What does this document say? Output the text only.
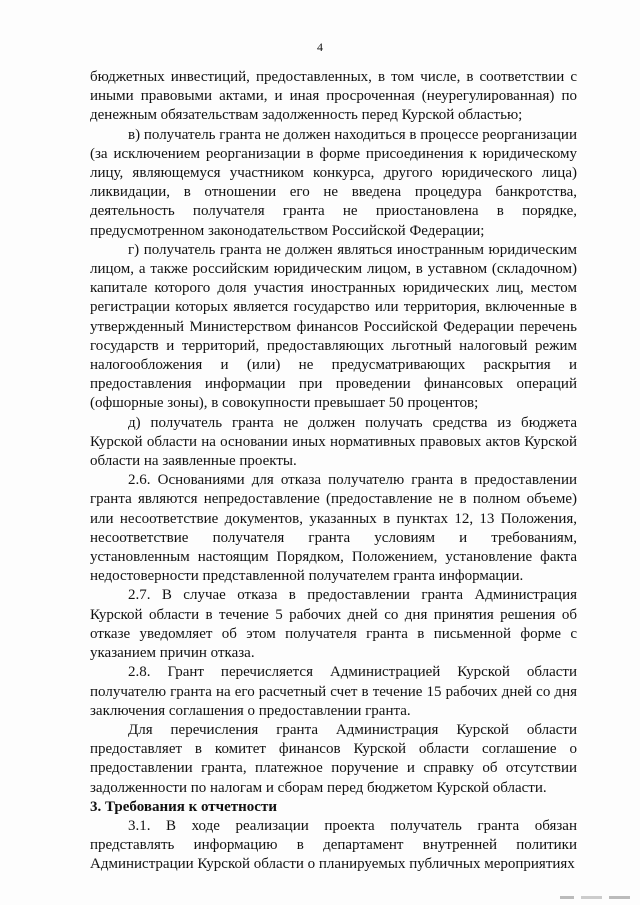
4

бюджетных инвестиций, предоставленных, в том числе, в соответствии с иными правовыми актами, и иная просроченная (неурегулированная) по денежным обязательствам задолженность перед Курской областью;

в) получатель гранта не должен находиться в процессе реорганизации (за исключением реорганизации в форме присоединения к юридическому лицу, являющемуся участником конкурса, другого юридического лица) ликвидации, в отношении его не введена процедура банкротства, деятельность получателя гранта не приостановлена в порядке, предусмотренном законодательством Российской Федерации;

г) получатель гранта не должен являться иностранным юридическим лицом, а также российским юридическим лицом, в уставном (складочном) капитале которого доля участия иностранных юридических лиц, местом регистрации которых является государство или территория, включенные в утвержденный Министерством финансов Российской Федерации перечень государств и территорий, предоставляющих льготный налоговый режим налогообложения и (или) не предусматривающих раскрытия и предоставления информации при проведении финансовых операций (офшорные зоны), в совокупности превышает 50 процентов;

д) получатель гранта не должен получать средства из бюджета Курской области на основании иных нормативных правовых актов Курской области на заявленные проекты.

2.6. Основаниями для отказа получателю гранта в предоставлении гранта являются непредоставление (предоставление не в полном объеме) или несоответствие документов, указанных в пунктах 12, 13 Положения, несоответствие получателя гранта условиям и требованиям, установленным настоящим Порядком, Положением, установление факта недостоверности представленной получателем гранта информации.

2.7. В случае отказа в предоставлении гранта Администрация Курской области в течение 5 рабочих дней со дня принятия решения об отказе уведомляет об этом получателя гранта в письменной форме с указанием причин отказа.

2.8. Грант перечисляется Администрацией Курской области получателю гранта на его расчетный счет в течение 15 рабочих дней со дня заключения соглашения о предоставлении гранта.

Для перечисления гранта Администрация Курской области предоставляет в комитет финансов Курской области соглашение о предоставлении гранта, платежное поручение и справку об отсутствии задолженности по налогам и сборам перед бюджетом Курской области.

3. Требования к отчетности

3.1. В ходе реализации проекта получатель гранта обязан представлять информацию в департамент внутренней политики Администрации Курской области о планируемых публичных мероприятиях
